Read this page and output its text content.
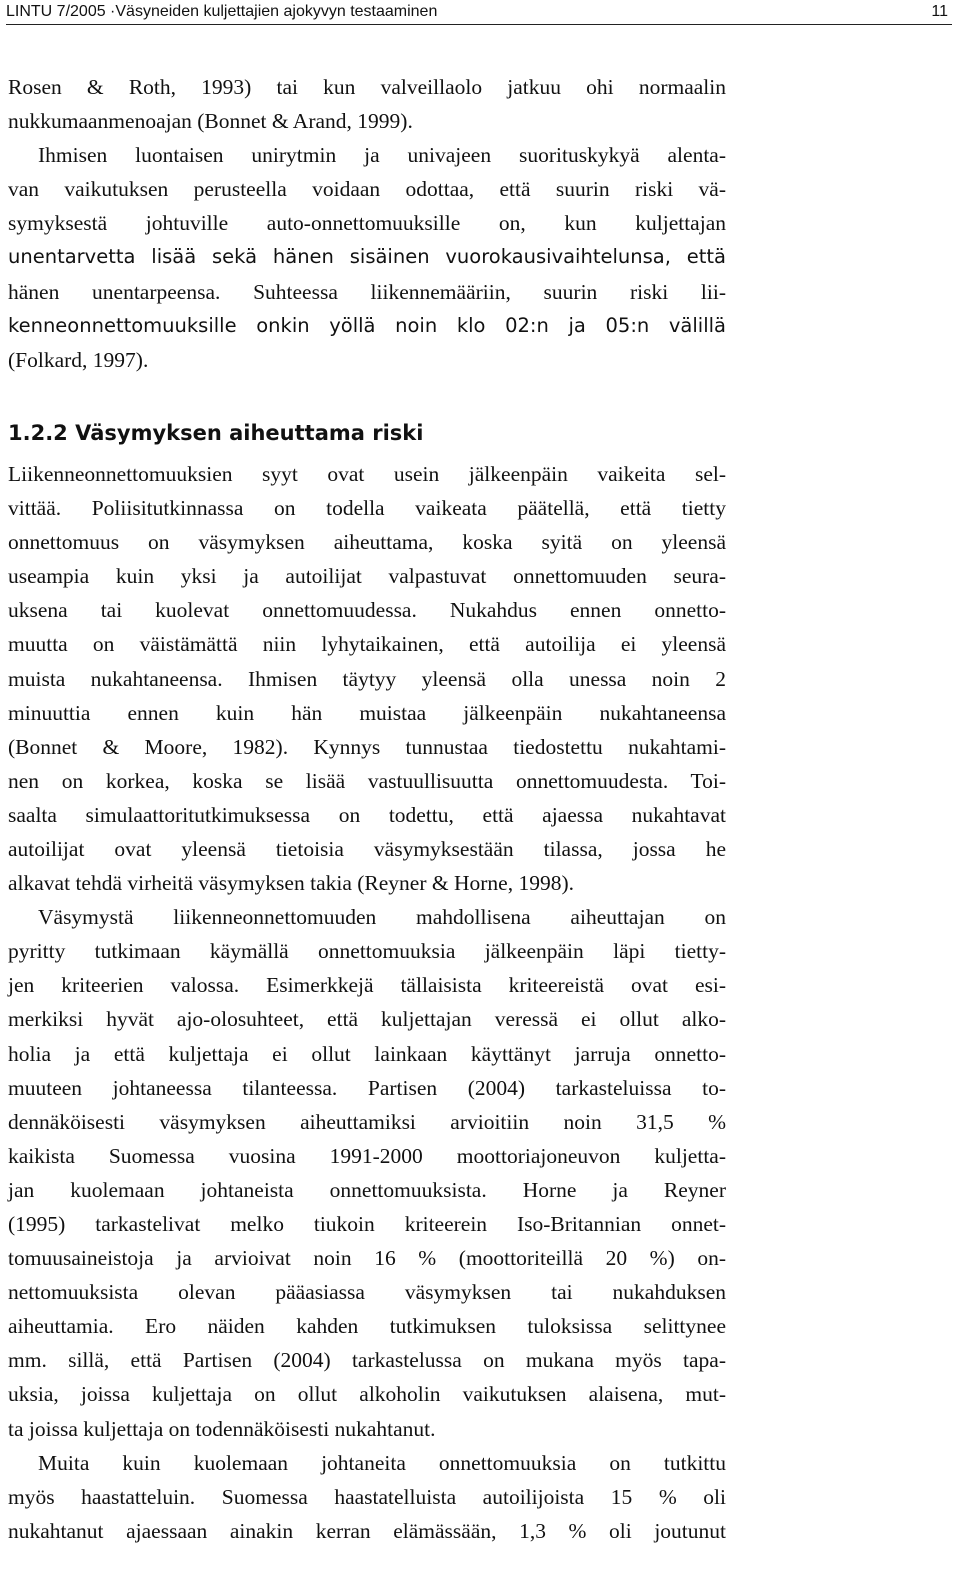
LINTU 7/2005 ·Väsyneiden kuljettajien ajokyvyn testaaminen	11
Rosen & Roth, 1993) tai kun valveillaolo jatkuu ohi normaalin
nukkumaanmenoajan (Bonnet & Arand, 1999).
Ihmisen luontaisen unirytmin ja univajeen suorituskykyä alenta-
van vaikutuksen perusteella voidaan odottaa, että suurin riski vä-
symyksestä johtuville auto-onnettomuuksille on, kun kuljettajan
unentarvetta lisää sekä hänen sisäinen vuorokausivaihtelunsa, että
hänen unentarpeensa. Suhteessa liikennemääriin, suurin riski lii-
kenneonnettomuuksille onkin yöllä noin klo 02:n ja 05:n välillä
(Folkard, 1997).
1.2.2 Väsymyksen aiheuttama riski
Liikenneonnettomuuksien syyt ovat usein jälkeenpäin vaikeita sel-
vittää. Poliisitutkinnassa on todella vaikeata päätellä, että tietty
onnettomuus on väsymyksen aiheuttama, koska syitä on yleensä
useampia kuin yksi ja autoilijat valpastuvat onnettomuuden seura-
uksena tai kuolevat onnettomuudessa. Nukahdus ennen onnetto-
muutta on väistämättä niin lyhytaikainen, että autoilija ei yleensä
muista nukahtaneensa. Ihmisen täytyy yleensä olla unessa noin 2
minuuttia ennen kuin hän muistaa jälkeenpäin nukahtaneensa
(Bonnet & Moore, 1982). Kynnys tunnustaa tiedostettu nukahtami-
nen on korkea, koska se lisää vastuullisuutta onnettomuudesta. Toi-
saalta simulaattoritutkimuksessa on todettu, että ajaessa nukahtavat
autoilijat ovat yleensä tietoisia väsymyksestään tilassa, jossa he
alkavat tehdä virheitä väsymyksen takia (Reyner & Horne, 1998).
Väsymystä liikenneonnettomuuden mahdollisena aiheuttajan on
pyritty tutkimaan käymällä onnettomuuksia jälkeenpäin läpi tietty-
jen kriteerien valossa. Esimerkkejä tällaisista kriteereistä ovat esi-
merkiksi hyvät ajo-olosuhteet, että kuljettajan veressä ei ollut alko-
holia ja että kuljettaja ei ollut lainkaan käyttänyt jarruja onnetto-
muuteen johtaneessa tilanteessa. Partisen (2004) tarkasteluissa to-
dennäköisesti väsymyksen aiheuttamiksi arvioitiin noin 31,5 %
kaikista Suomessa vuosina 1991-2000 moottoriajoneuvon kuljetta-
jan kuolemaan johtaneista onnettomuuksista. Horne ja Reyner
(1995) tarkastelivat melko tiukoin kriteerein Iso-Britannian onnet-
tomuusaineistoja ja arvioivat noin 16 % (moottoriteillä 20 %) on-
nettomuuksista olevan pääasiassa väsymyksen tai nukahduksen
aiheuttamia. Ero näiden kahden tutkimuksen tuloksissa selittynee
mm. sillä, että Partisen (2004) tarkastelussa on mukana myös tapa-
uksia, joissa kuljettaja on ollut alkoholin vaikutuksen alaisena, mut-
ta joissa kuljettaja on todennäköisesti nukahtanut.
Muita kuin kuolemaan johtaneita onnettomuuksia on tutkittu
myös haastatteluin. Suomessa haastatelluista autoilijoista 15 % oli
nukahtanut ajaessaan ainakin kerran elämässään, 1,3 % oli joutunut
